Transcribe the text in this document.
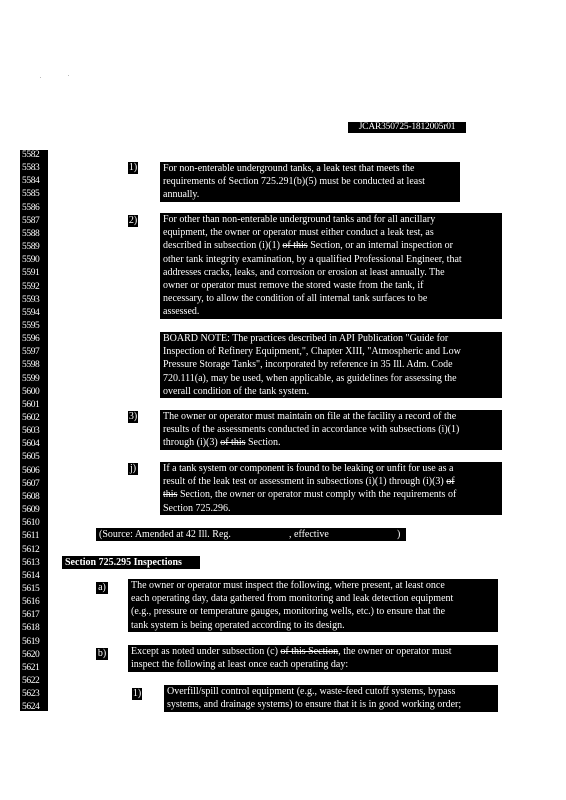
JCAR350725-1812005r01
5582
5583
5584
5585
5586
5587
5588
5589
5590
5591
5592
5593
5594
5595
5596
5597
5598
5599
5600
5601
5602
5603
5604
5605
5606
5607
5608
5609
5610
5611
5612
5613
5614
5615
5616
5617
5618
5619
5620
5621
5622
5623
5624
1)	For non-enterable underground tanks, a leak test that meets the
requirements of Section 725.291(b)(5) must be conducted at least
annually.
2)	For other than non-enterable underground tanks and for all ancillary
equipment, the owner or operator must either conduct a leak test, as
described in subsection (i)(1) of this Section, or an internal inspection or
other tank integrity examination, by a qualified Professional Engineer, that
addresses cracks, leaks, and corrosion or erosion at least annually. The
owner or operator must remove the stored waste from the tank, if
necessary, to allow the condition of all internal tank surfaces to be
assessed.
BOARD NOTE: The practices described in API Publication "Guide for
Inspection of Refinery Equipment,", Chapter XIII, "Atmospheric and Low
Pressure Storage Tanks", incorporated by reference in 35 Ill. Adm. Code
720.111(a), may be used, when applicable, as guidelines for assessing the
overall condition of the tank system.
3)	The owner or operator must maintain on file at the facility a record of the
results of the assessments conducted in accordance with subsections (i)(1)
through (i)(3) of this Section.
j)	If a tank system or component is found to be leaking or unfit for use as a
result of the leak test or assessment in subsections (i)(1) through (i)(3) of
this Section, the owner or operator must comply with the requirements of
Section 725.296.
(Source: Amended at 42 Ill. Reg.	, effective	)
Section 725.295 Inspections
a)	The owner or operator must inspect the following, where present, at least once
each operating day, data gathered from monitoring and leak detection equipment
(e.g., pressure or temperature gauges, monitoring wells, etc.) to ensure that the
tank system is being operated according to its design.
b) Except as noted under subsection (c) of this Section, the owner or operator must
inspect the following at least once each operating day:
1)	Overfill/spill control equipment (e.g., waste-feed cutoff systems, bypass
systems, and drainage systems) to ensure that it is in good working order;
